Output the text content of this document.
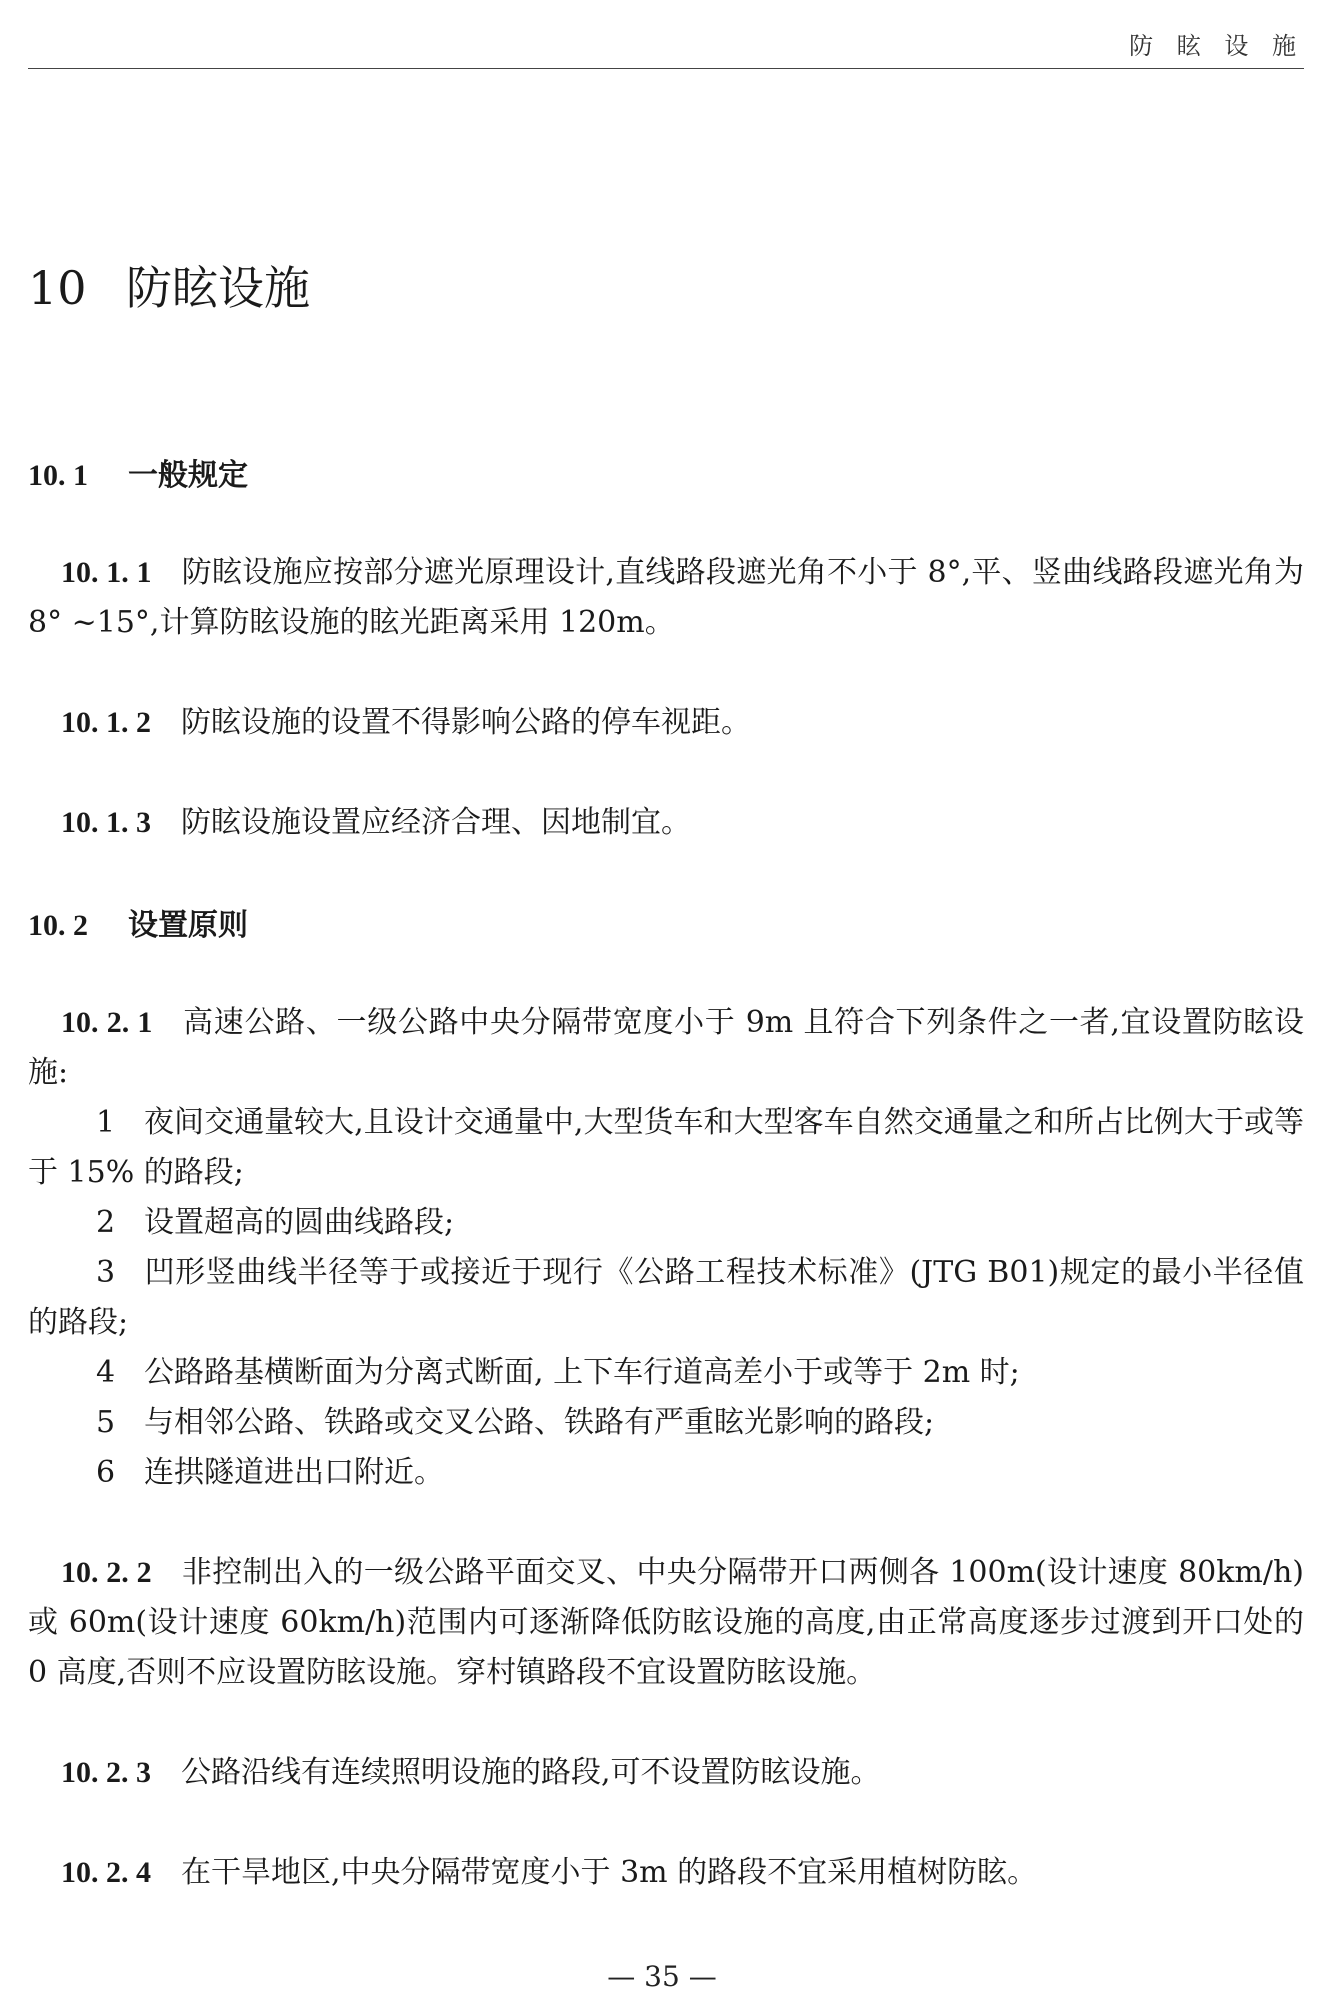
防 眩 设 施
10 防眩设施
10. 1 一般规定

10. 1. 1 防眩设施应按部分遮光原理设计,直线路段遮光角不小于 8°,平、竖曲线路段遮光角为 8° ~15°,计算防眩设施的眩光距离采用 120m。

10. 1. 2 防眩设施的设置不得影响公路的停车视距。

10. 1. 3 防眩设施设置应经济合理、因地制宜。

10. 2 设置原则
10. 2. 1 高速公路、一级公路中央分隔带宽度小于 9m 且符合下列条件之一者,宜设置防眩设施:
1 夜间交通量较大,且设计交通量中,大型货车和大型客车自然交通量之和所占比例大于或等于 15% 的路段;
2 设置超高的圆曲线路段;
3 凹形竖曲线半径等于或接近于现行《公路工程技术标准》(JTG B01)规定的最小半径值的路段;
4 公路路基横断面为分离式断面, 上下车行道高差小于或等于 2m 时;
5 与相邻公路、铁路或交叉公路、铁路有严重眩光影响的路段;
6 连拱隧道进出口附近。

10. 2. 2 非控制出入的一级公路平面交叉、中央分隔带开口两侧各 100m(设计速度 80km/h)或 60m(设计速度 60km/h)范围内可逐渐降低防眩设施的高度,由正常高度逐步过渡到开口处的 0 高度,否则不应设置防眩设施。穿村镇路段不宜设置防眩设施。

10. 2. 3 公路沿线有连续照明设施的路段,可不设置防眩设施。

10. 2. 4 在干旱地区,中央分隔带宽度小于 3m 的路段不宜采用植树防眩。

— 35 —
